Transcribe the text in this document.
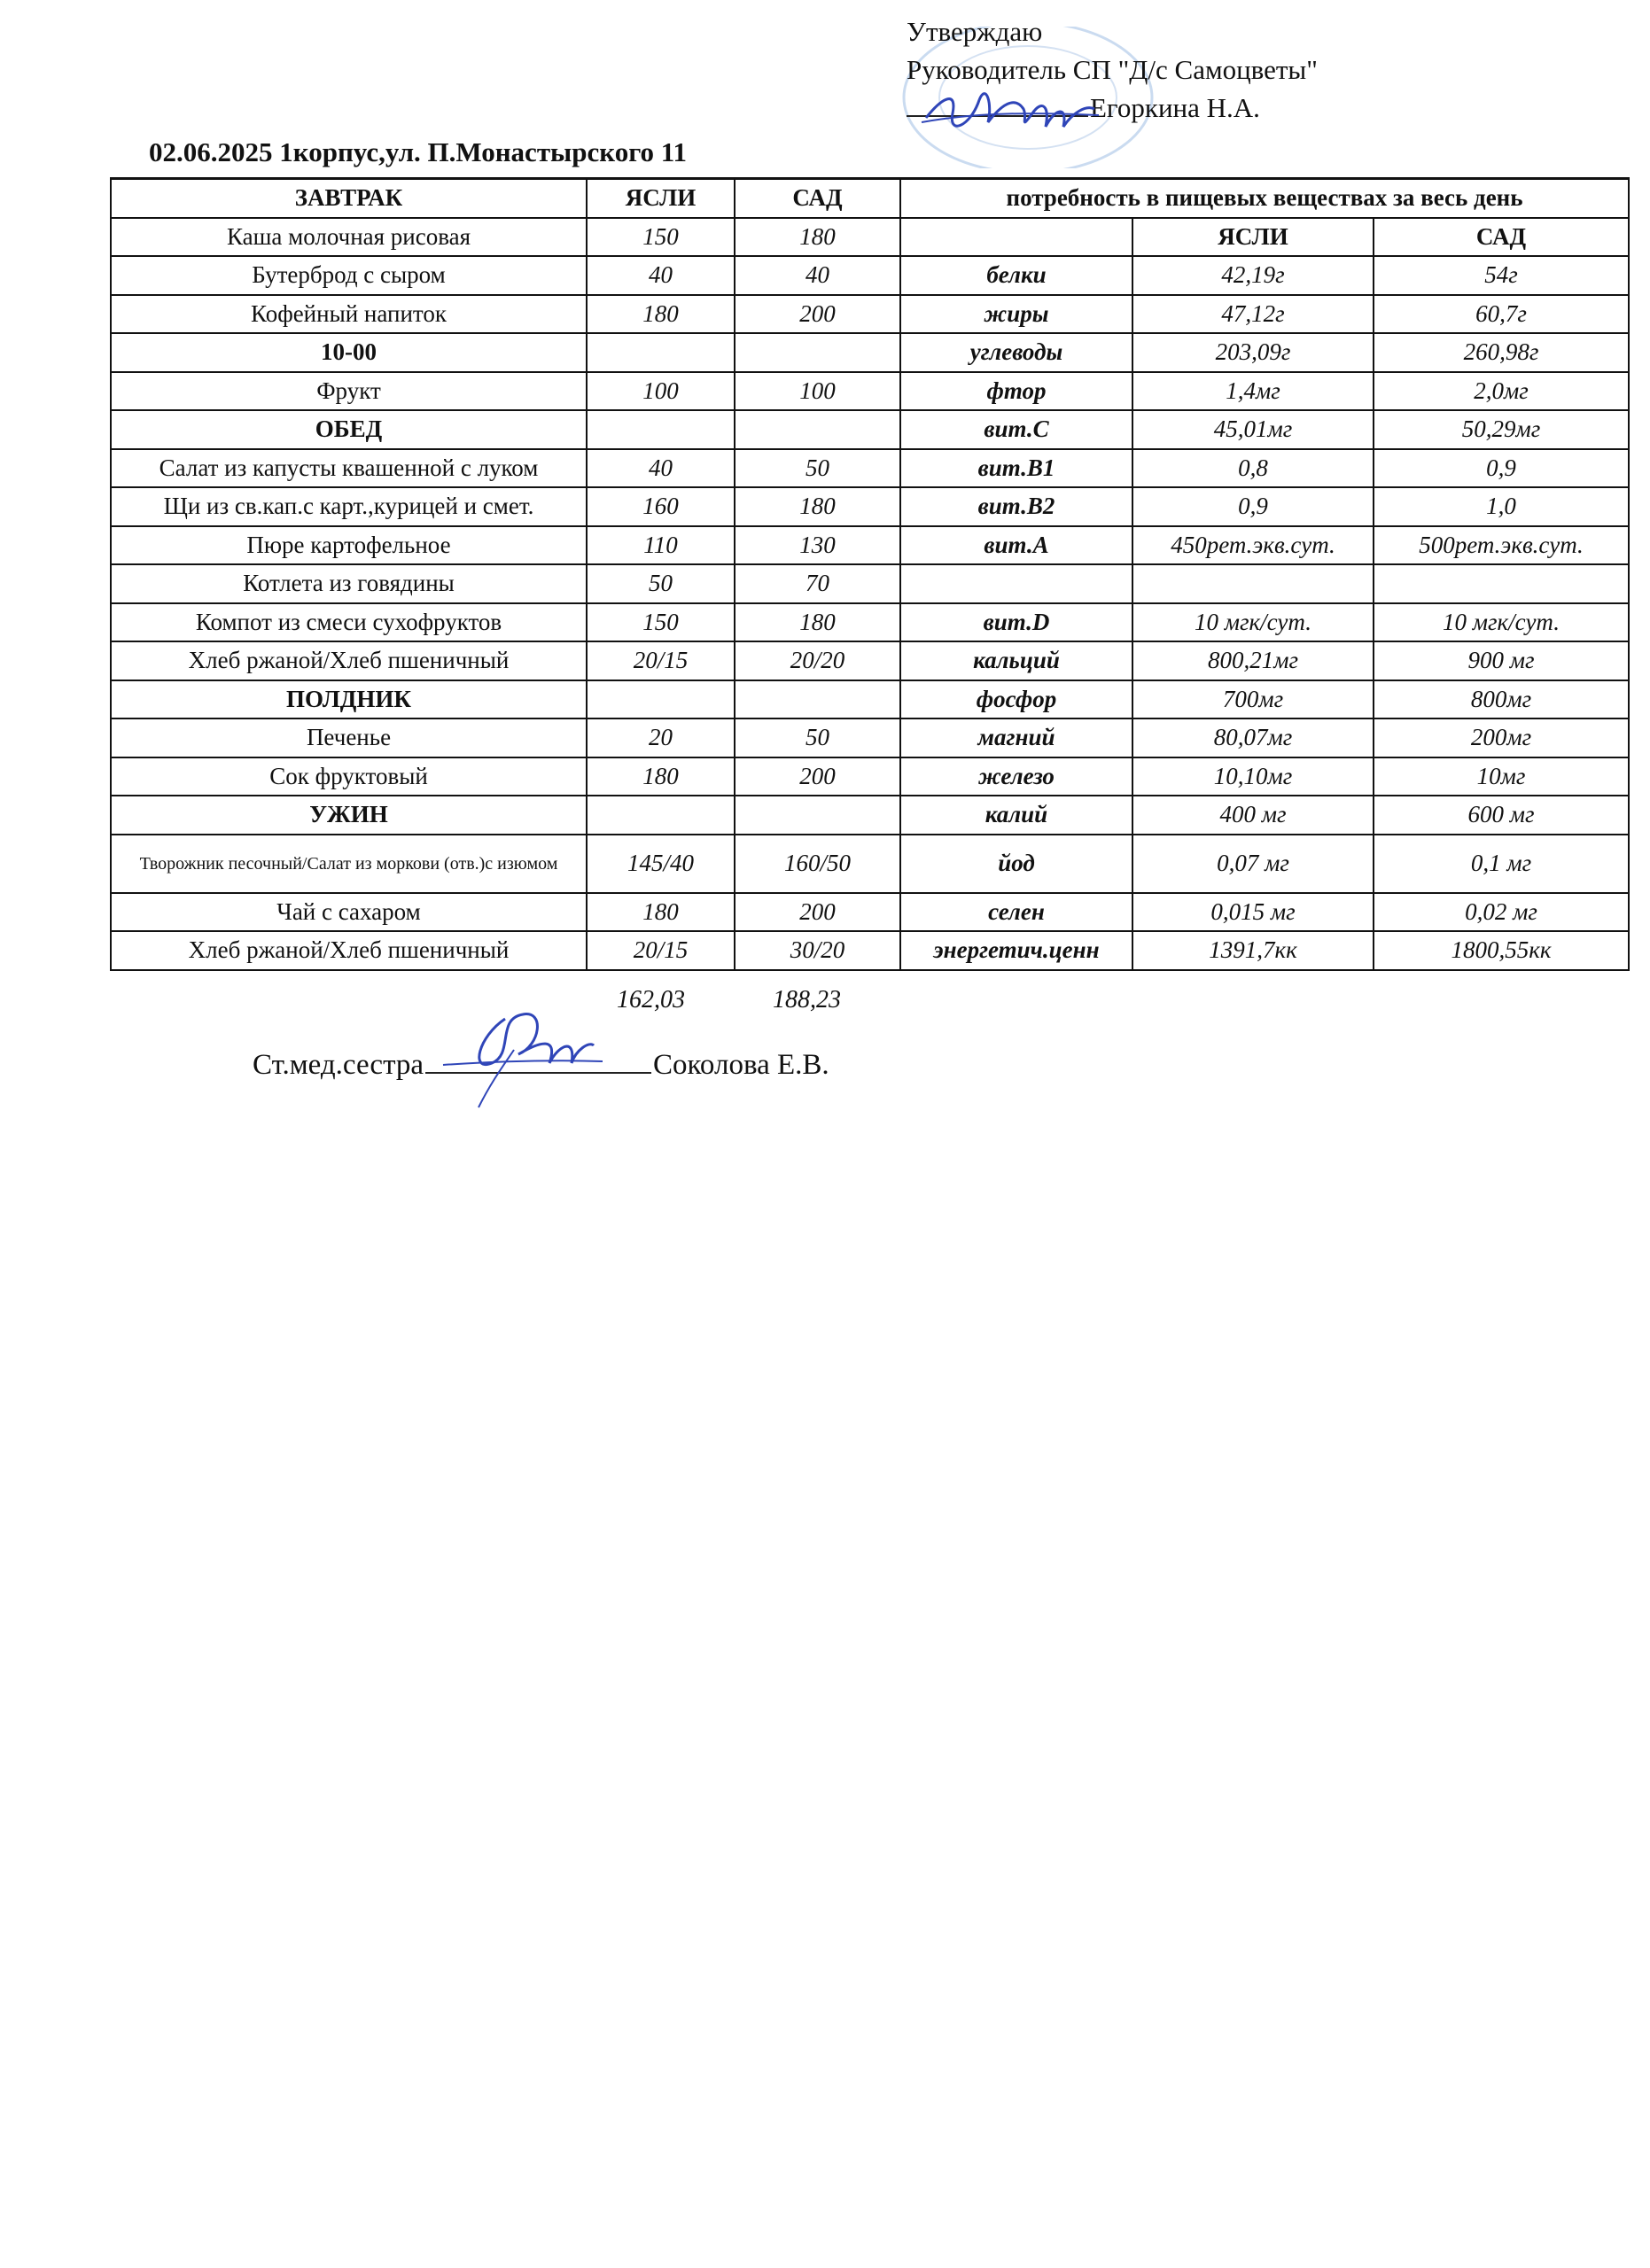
Утверждаю
Руководитель СП "Д/с Самоцветы"
Егоркина Н.А.
02.06.2025 1корпус,ул. П.Монастырского 11
ЗАВТРАК	ЯСЛИ	САД	потребность в пищевых веществах за весь день		
Каша молочная рисовая	150	180		ЯСЛИ	САД
Бутерброд с сыром	40	40	белки	42,19г	54г
Кофейный напиток	180	200	жиры	47,12г	60,7г
10-00			углеводы	203,09г	260,98г
Фрукт	100	100	фтор	1,4мг	2,0мг
ОБЕД			вит.С	45,01мг	50,29мг
Салат из капусты квашенной с луком	40	50	вит.В1	0,8	0,9
Щи из св.кап.с карт.,курицей и смет.	160	180	вит.В2	0,9	1,0
Пюре картофельное	110	130	вит.А	450рет.экв.сут.	500рет.экв.сут.
Котлета из говядины	50	70			
Компот из смеси сухофруктов	150	180	вит.D	10 мгк/сут.	10 мгк/сут.
Хлеб ржаной/Хлеб пшеничный	20/15	20/20	кальций	800,21мг	900 мг
ПОЛДНИК			фосфор	700мг	800мг
Печенье	20	50	магний	80,07мг	200мг
Сок фруктовый	180	200	железо	10,10мг	10мг
УЖИН			калий	400 мг	600 мг
Творожник песочный/Салат из моркови (отв.)с изюмом	145/40	160/50	йод	0,07 мг	0,1 мг
Чай с сахаром	180	200	селен	0,015 мг	0,02 мг
Хлеб ржаной/Хлеб пшеничный	20/15	30/20	энергетич.ценн	1391,7кк	1800,55кк
162,03	188,23
Ст.мед.сестра	Соколова Е.В.
